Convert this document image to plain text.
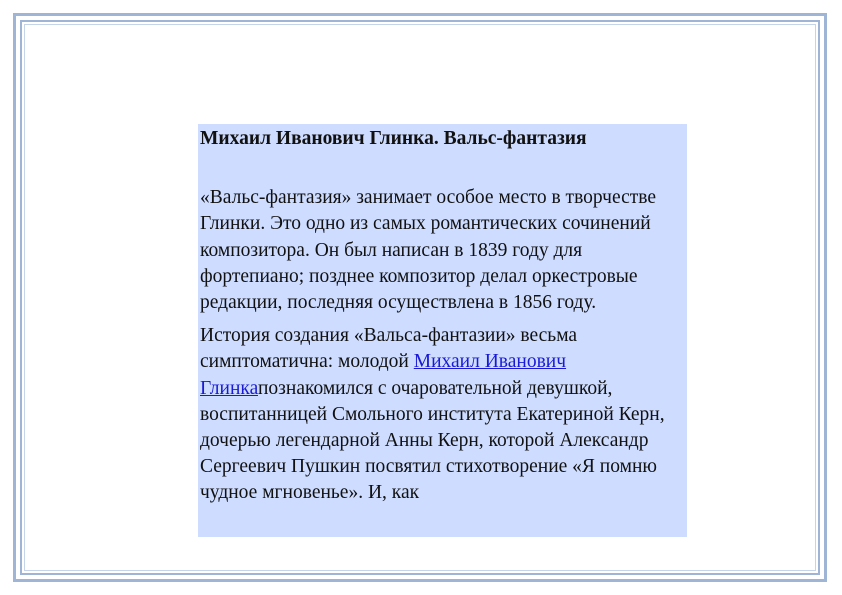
Михаил Иванович Глинка. Вальс-фантазия

«Вальс-фантазия» занимает особое место в творчестве Глинки. Это одно из самых романтических сочинений композитора. Он был написан в 1839 году для фортепиано; позднее композитор делал оркестровые редакции, последняя осуществлена в 1856 году.

История создания «Вальса-фантазии» весьма симптоматична: молодой Михаил Иванович Глинкапознакомился с очаровательной девушкой, воспитанницей Смольного института Екатериной Керн, дочерью легендарной Анны Керн, которой Александр Сергеевич Пушкин посвятил стихотворение «Я помню чудное мгновенье». И, как
